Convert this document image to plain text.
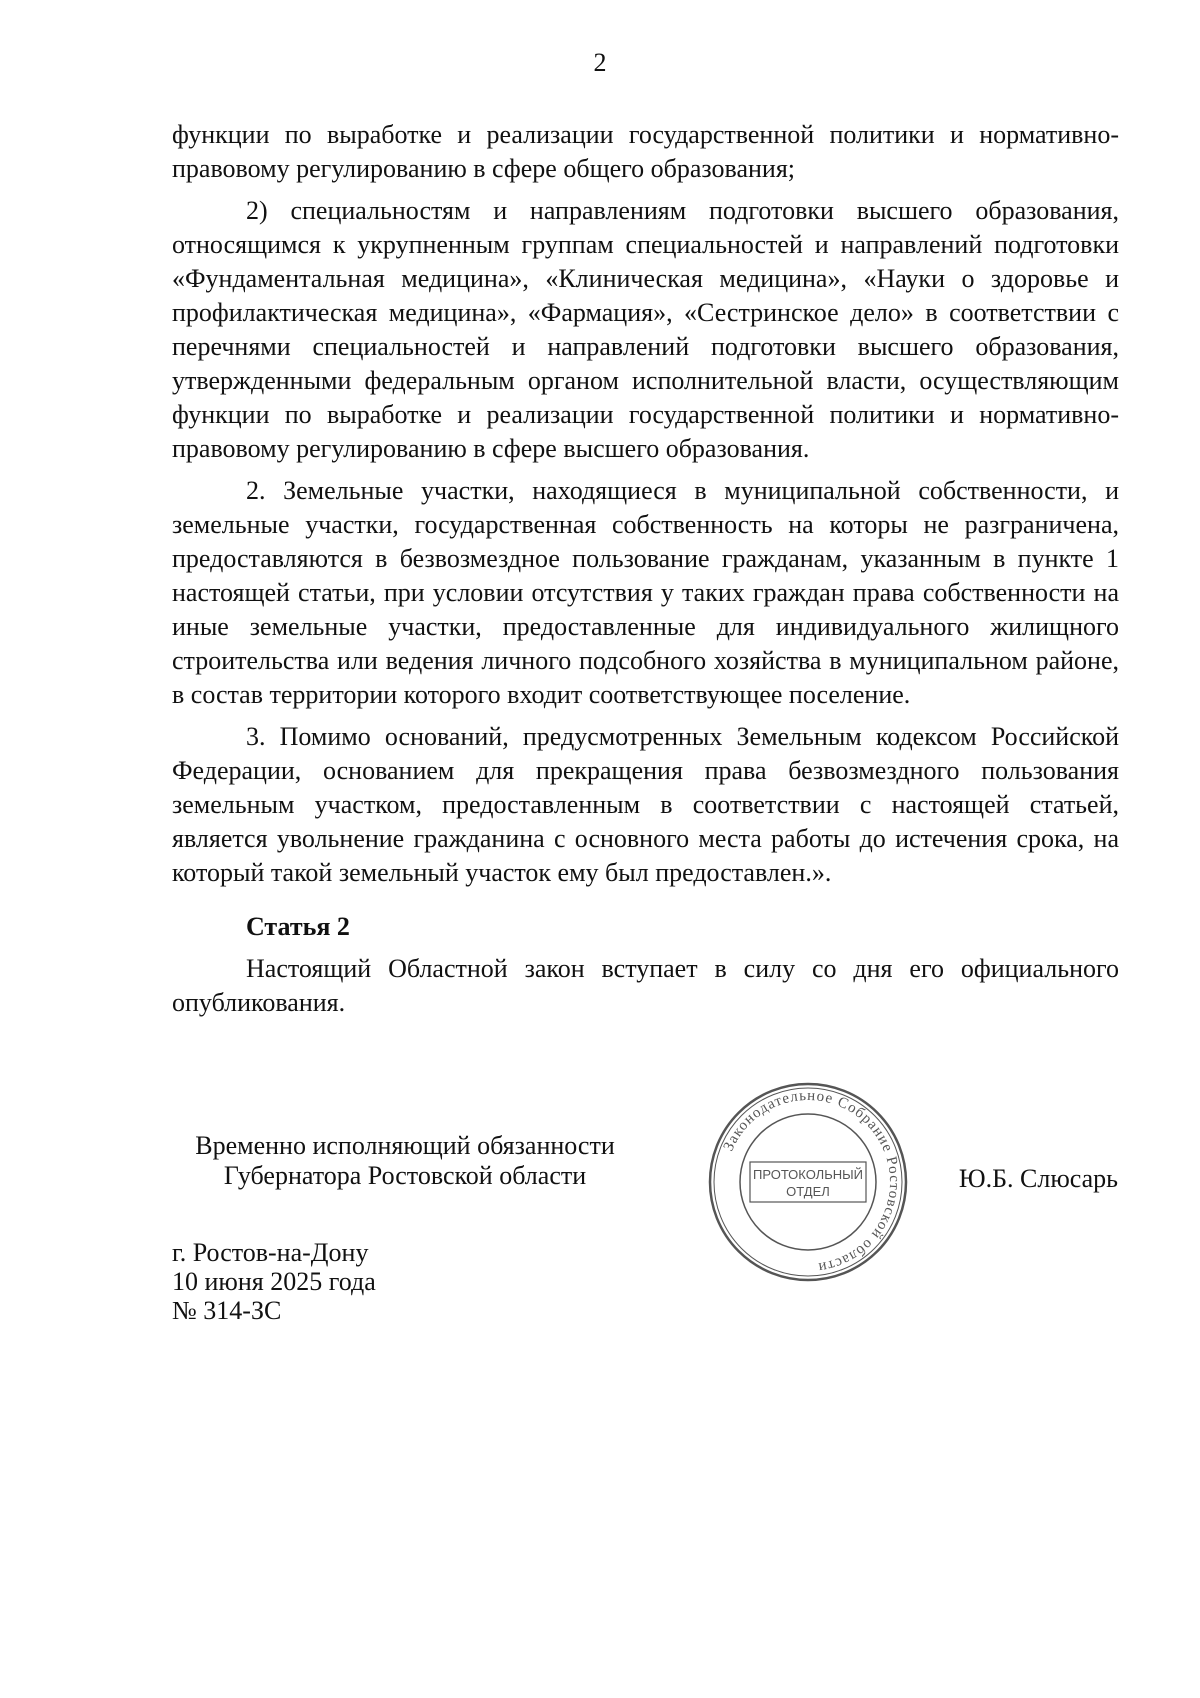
2

функции по выработке и реализации государственной политики и нормативно-правовому регулированию в сфере общего образования;

2) специальностям и направлениям подготовки высшего образования, относящимся к укрупненным группам специальностей и направлений подготовки «Фундаментальная медицина», «Клиническая медицина», «Науки о здоровье и профилактическая медицина», «Фармация», «Сестринское дело» в соответствии с перечнями специальностей и направлений подготовки высшего образования, утвержденными федеральным органом исполнительной власти, осуществляющим функции по выработке и реализации государственной политики и нормативно-правовому регулированию в сфере высшего образования.

2. Земельные участки, находящиеся в муниципальной собственности, и земельные участки, государственная собственность на которы не разграничена, предоставляются в безвозмездное пользование гражданам, указанным в пункте 1 настоящей статьи, при условии отсутствия у таких граждан права собственности на иные земельные участки, предоставленные для индивидуального жилищного строительства или ведения личного подсобного хозяйства в муниципальном районе, в состав территории которого входит соответствующее поселение.

3. Помимо оснований, предусмотренных Земельным кодексом Российской Федерации, основанием для прекращения права безвозмездного пользования земельным участком, предоставленным в соответствии с настоящей статьей, является увольнение гражданина с основного места работы до истечения срока, на который такой земельный участок ему был предоставлен.».

Статья 2

Настоящий Областной закон вступает в силу со дня его официального опубликования.

Временно исполняющий обязанности
Губернатора Ростовской области
Законодательное Собрание Ростовской области
ПРОТОКОЛЬНЫЙ
ОТДЕЛ	Ю.Б. Слюсарь
г. Ростов-на-Дону
10 июня 2025 года
№ 314-ЗС
